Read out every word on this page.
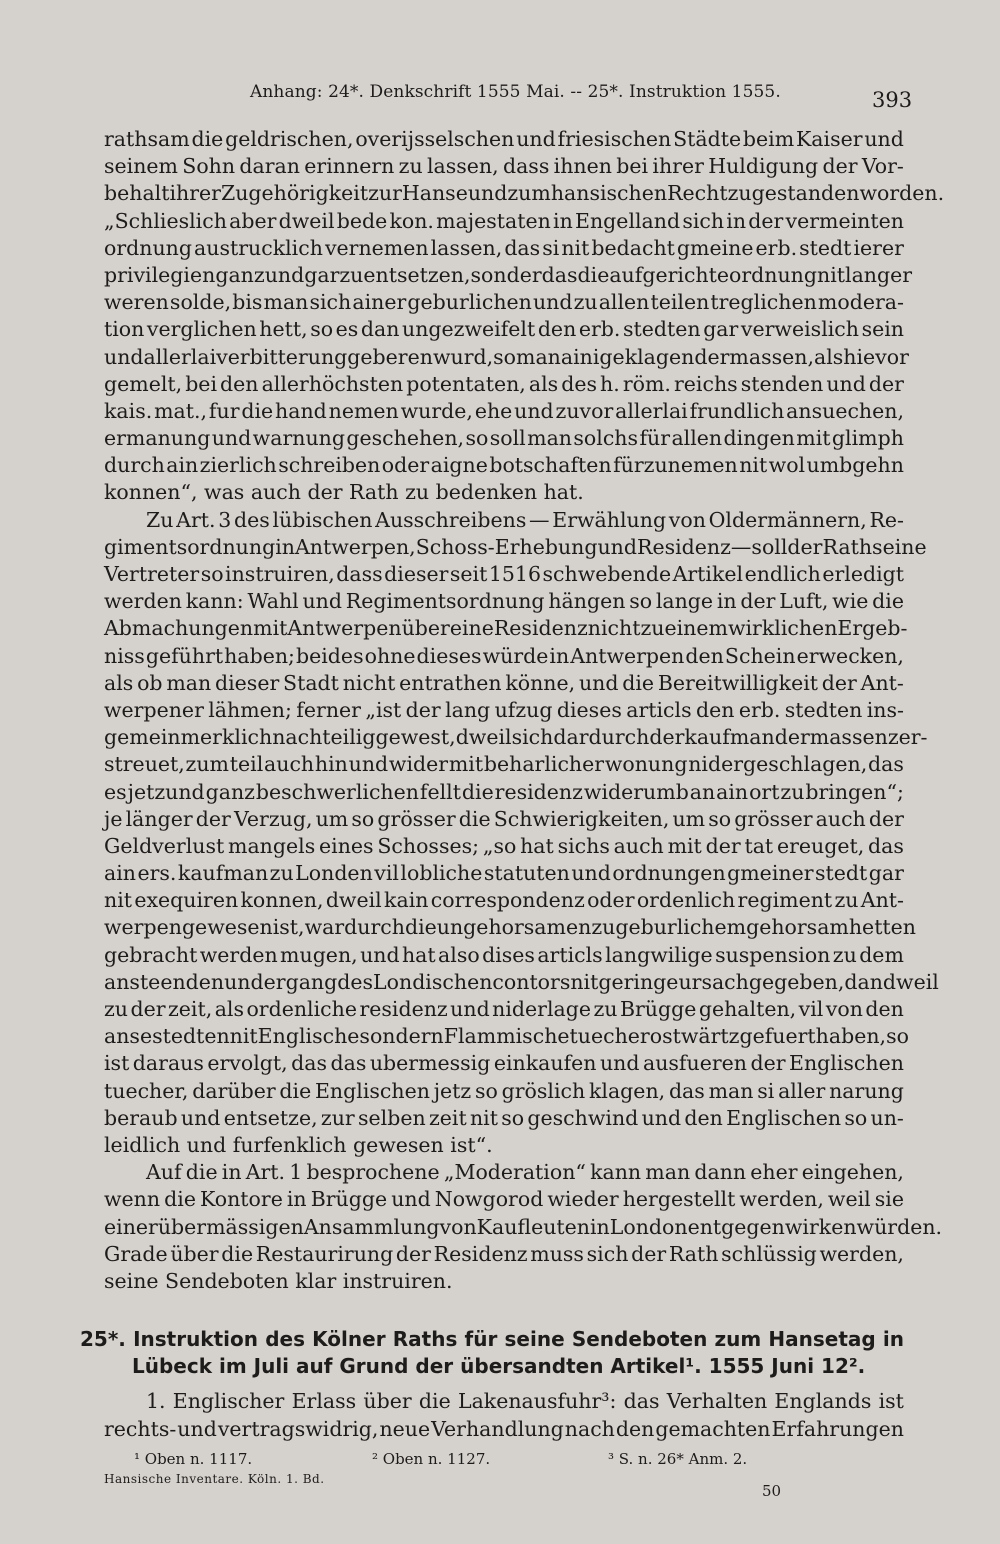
Anhang: 24*. Denkschrift 1555 Mai. -- 25*. Instruktion 1555.	393
rathsam die geldrischen, overijsselschen und friesischen Städte beim Kaiser und
seinem Sohn daran erinnern zu lassen, dass ihnen bei ihrer Huldigung der Vor-
behalt ihrer Zugehörigkeit zur Hanse und zum hansischen Recht zugestanden worden.
„Schlieslich aber dweil bede kon. majestaten in Engelland sich in der vermeinten
ordnung austrucklich vernemen lassen, das si nit bedacht gmeine erb. stedt ierer
privilegien ganz und gar zu entsetzen, sonder das die aufgerichte ordnung nit langer
weren solde, bis man sich ainer geburlichen und zu allen teilen treglichen modera-
tion verglichen hett, so es dan ungezweifelt den erb. stedten gar verweislich sein
und allerlai verbitterung geberen wurd, so man ainige klagen dermassen, als hievor
gemelt, bei den allerhöchsten potentaten, als des h. röm. reichs stenden und der
kais. mat., fur die hand nemen wurde, ehe und zuvor allerlai frundlich ansuechen,
ermanung und warnung geschehen, so soll man solchs für allen dingen mit glimph
durch ain zierlich schreiben oder aigne botschaften fürzunemen nit wol umbgehn
konnen“, was auch der Rath zu bedenken hat.
Zu Art. 3 des lübischen Ausschreibens — Erwählung von Oldermännern, Re-
gimentsordnung in Antwerpen, Schoss-Erhebung und Residenz — soll der Rath seine
Vertreter so instruiren, dass dieser seit 1516 schwebende Artikel endlich erledigt
werden kann: Wahl und Regimentsordnung hängen so lange in der Luft, wie die
Abmachungen mit Antwerpen über eine Residenz nicht zu einem wirklichen Ergeb-
niss geführt haben; beides ohne dieses würde in Antwerpen den Schein erwecken,
als ob man dieser Stadt nicht entrathen könne, und die Bereitwilligkeit der Ant-
werpener lähmen; ferner „ist der lang ufzug dieses articls den erb. stedten ins-
gemein merklich nachteilig gewest, dweil sich dardurch der kaufman dermassen zer-
streuet, zum teil auch hin und wider mit beharlicher wonung nidergeschlagen, das
es jetzund ganz beschwerlichen fellt die residenz widerumb an ain ort zu bringen“;
je länger der Verzug, um so grösser die Schwierigkeiten, um so grösser auch der
Geldverlust mangels eines Schosses; „so hat sichs auch mit der tat ereuget, das
ain ers. kaufman zu Londen vil lobliche statuten und ordnungen gmeiner stedt gar
nit exequiren konnen, dweil kain correspondenz oder ordenlich regiment zu Ant-
werpen gewesen ist, wardurch die ungehorsamen zu geburlichem gehorsam hetten
gebracht werden mugen, und hat also dises articls langwilige suspension zu dem
ansteenden undergang des Londischen contors nit geringe ursach gegeben, dan dweil
zu der zeit, als ordenliche residenz und niderlage zu Brügge gehalten, vil von den
ansestedten nit Englische sondern Flammische tuecher ostwärtz gefuert haben, so
ist daraus ervolgt, das das ubermessig einkaufen und ausfueren der Englischen
tuecher, darüber die Englischen jetz so gröslich klagen, das man si aller narung
beraub und entsetze, zur selben zeit nit so geschwind und den Englischen so un-
leidlich und furfenklich gewesen ist“.
Auf die in Art. 1 besprochene „Moderation“ kann man dann eher eingehen,
wenn die Kontore in Brügge und Nowgorod wieder hergestellt werden, weil sie
einer übermässigen Ansammlung von Kaufleuten in London entgegenwirken würden.
Grade über die Restaurirung der Residenz muss sich der Rath schlüssig werden,
seine Sendeboten klar instruiren.
25*. Instruktion des Kölner Raths für seine Sendeboten zum Hansetag in
Lübeck im Juli auf Grund der übersandten Artikel¹. 1555 Juni 12².
1. Englischer Erlass über die Lakenausfuhr³: das Verhalten Englands ist
rechts- und vertragswidrig, neue Verhandlung nach den gemachten Erfahrungen
¹ Oben n. 1117.	² Oben n. 1127.	³ S. n. 26* Anm. 2.
Hansische Inventare. Köln. 1. Bd.
50
